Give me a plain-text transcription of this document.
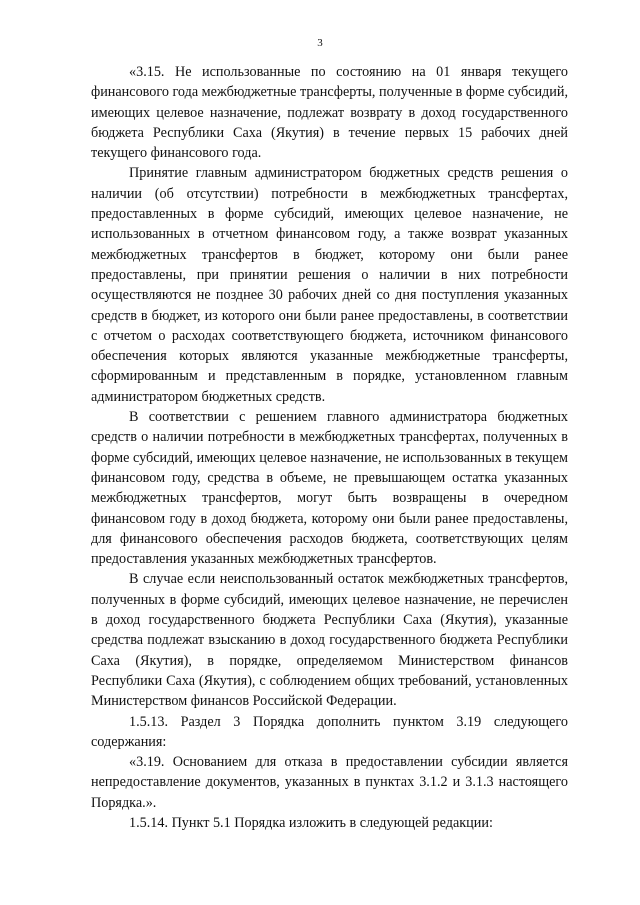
3

«3.15. Не использованные по состоянию на 01 января текущего финансового года межбюджетные трансферты, полученные в форме субсидий, имеющих целевое назначение, подлежат возврату в доход государственного бюджета Республики Саха (Якутия) в течение первых 15 рабочих дней текущего финансового года.

Принятие главным администратором бюджетных средств решения о наличии (об отсутствии) потребности в межбюджетных трансфертах, предоставленных в форме субсидий, имеющих целевое назначение, не использованных в отчетном финансовом году, а также возврат указанных межбюджетных трансфертов в бюджет, которому они были ранее предоставлены, при принятии решения о наличии в них потребности осуществляются не позднее 30 рабочих дней со дня поступления указанных средств в бюджет, из которого они были ранее предоставлены, в соответствии с отчетом о расходах соответствующего бюджета, источником финансового обеспечения которых являются указанные межбюджетные трансферты, сформированным и представленным в порядке, установленном главным администратором бюджетных средств.

В соответствии с решением главного администратора бюджетных средств о наличии потребности в межбюджетных трансфертах, полученных в форме субсидий, имеющих целевое назначение, не использованных в текущем финансовом году, средства в объеме, не превышающем остатка указанных межбюджетных трансфертов, могут быть возвращены в очередном финансовом году в доход бюджета, которому они были ранее предоставлены, для финансового обеспечения расходов бюджета, соответствующих целям предоставления указанных межбюджетных трансфертов.

В случае если неиспользованный остаток межбюджетных трансфертов, полученных в форме субсидий, имеющих целевое назначение, не перечислен в доход государственного бюджета Республики Саха (Якутия), указанные средства подлежат взысканию в доход государственного бюджета Республики Саха (Якутия), в порядке, определяемом Министерством финансов Республики Саха (Якутия), с соблюдением общих требований, установленных Министерством финансов Российской Федерации.

1.5.13. Раздел 3 Порядка дополнить пунктом 3.19 следующего содержания:

«3.19. Основанием для отказа в предоставлении субсидии является непредоставление документов, указанных в пунктах 3.1.2 и 3.1.3 настоящего Порядка.».

1.5.14. Пункт 5.1 Порядка изложить в следующей редакции:
